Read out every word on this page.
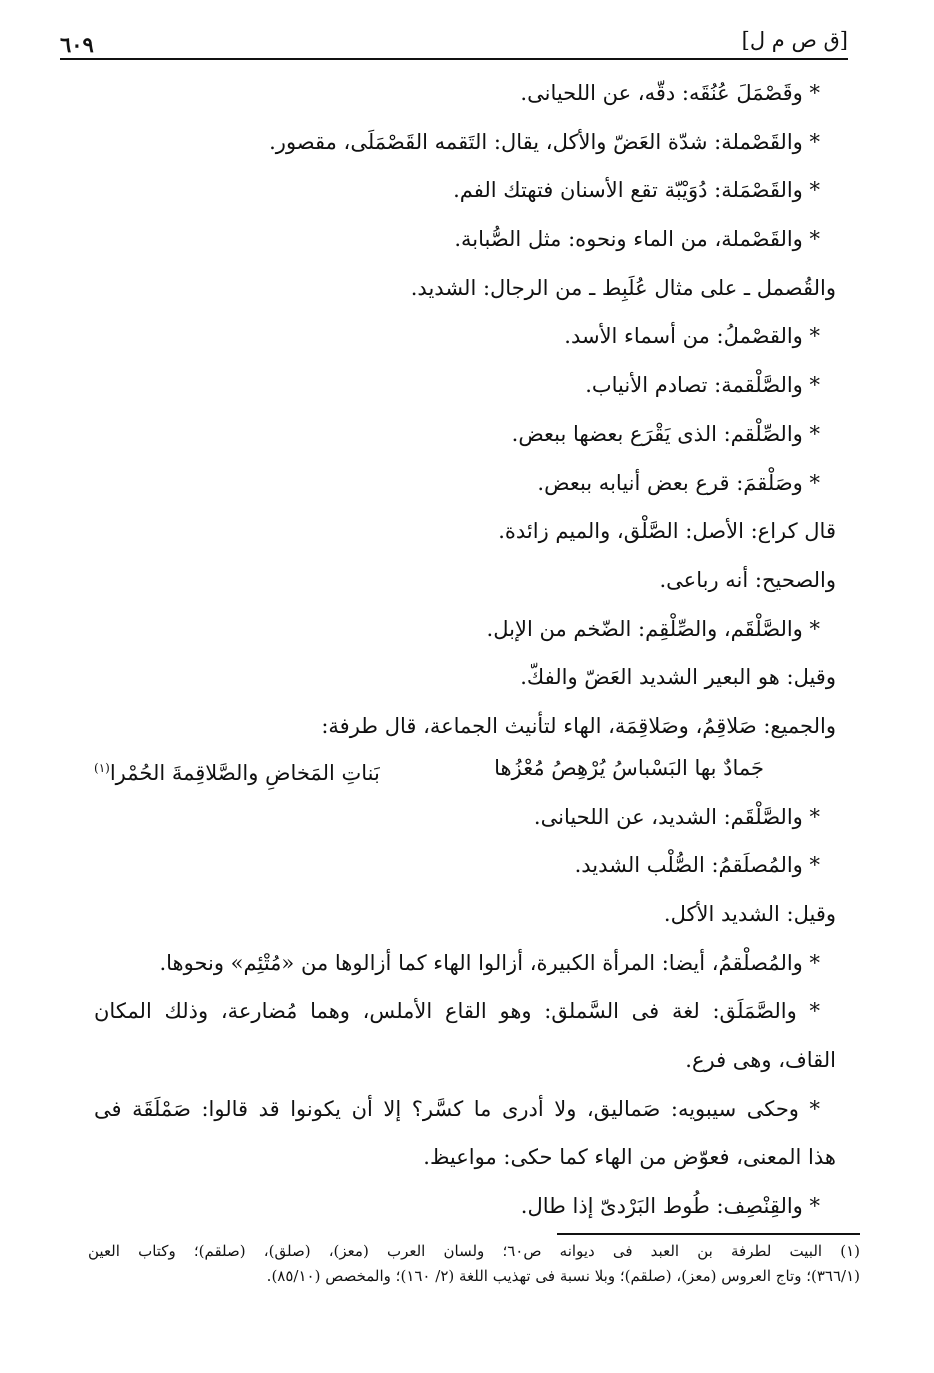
[ق ص م ل]
٦٠٩
* وقَصْمَلَ عُنُقَه: دقّه، عن اللحيانى.
* والقَصْملة: شدّة العَضّ والأكل، يقال: التَقمه القَصْمَلَى، مقصور.
* والقَصْمَلة: دُوَيْبّة تقع الأسنان فتهتك الفم.
* والقَصْملة، من الماء ونحوه: مثل الصُّبابة.
والقُصمل ـ على مثال عُلَبِط ـ من الرجال: الشديد.
* والقصْملُ: من أسماء الأسد.
* والصَّلْقمة: تصادم الأنياب.
* والصِّلْقم: الذى يَقْرَع بعضها ببعض.
* وصَلْقمَ: قرع بعض أنيابه ببعض.
قال كراع: الأصل: الصَّلْق، والميم زائدة.
والصحيح: أنه رباعى.
* والصَّلْقَم، والصِّلْقِم: الضّخم من الإبل.
وقيل: هو البعير الشديد العَضّ والفكّ.
والجميع: صَلاقِمُ، وصَلاقِمَة، الهاء لتأنيث الجماعة، قال طرفة:
جَمادٌ بها البَسْباسُ يُرْهِصُ مُعْزُها
بَناتِ المَخاضِ والصَّلاقِمةَ الحُمْرا$^{(١)}$
* والصَّلْقَم: الشديد، عن اللحيانى.
* والمُصلَقمُ: الصُّلْب الشديد.
وقيل: الشديد الأكل.
* والمُصلْقمُ، أيضا: المرأة الكبيرة، أزالوا الهاء كما أزالوها من «مُتْئِم» ونحوها.
* والصَّمَلَق: لغة فى السَّملق: وهو القاع الأملس، وهما مُضارعة، وذلك المكان
القاف، وهى فرع.
* وحكى سيبويه: صَماليق، ولا أدرى ما كسَّر؟ إلا أن يكونوا قد قالوا: صَمْلَقَة فى
هذا المعنى، فعوّض من الهاء كما حكى: مواعيظ.
* والقِنْصِف: طُوط البَرْدىّ إذا طال.
(١) البيت لطرفة بن العبد فى ديوانه ص٦٠؛ ولسان العرب (معز)، (صلق)، (صلقم)؛ وكتاب العين
(٣٦٦/١)؛ وتاج العروس (معز)، (صلقم)؛ وبلا نسبة فى تهذيب اللغة (٢/ ١٦٠)؛ والمخصص (٨٥/١٠).
